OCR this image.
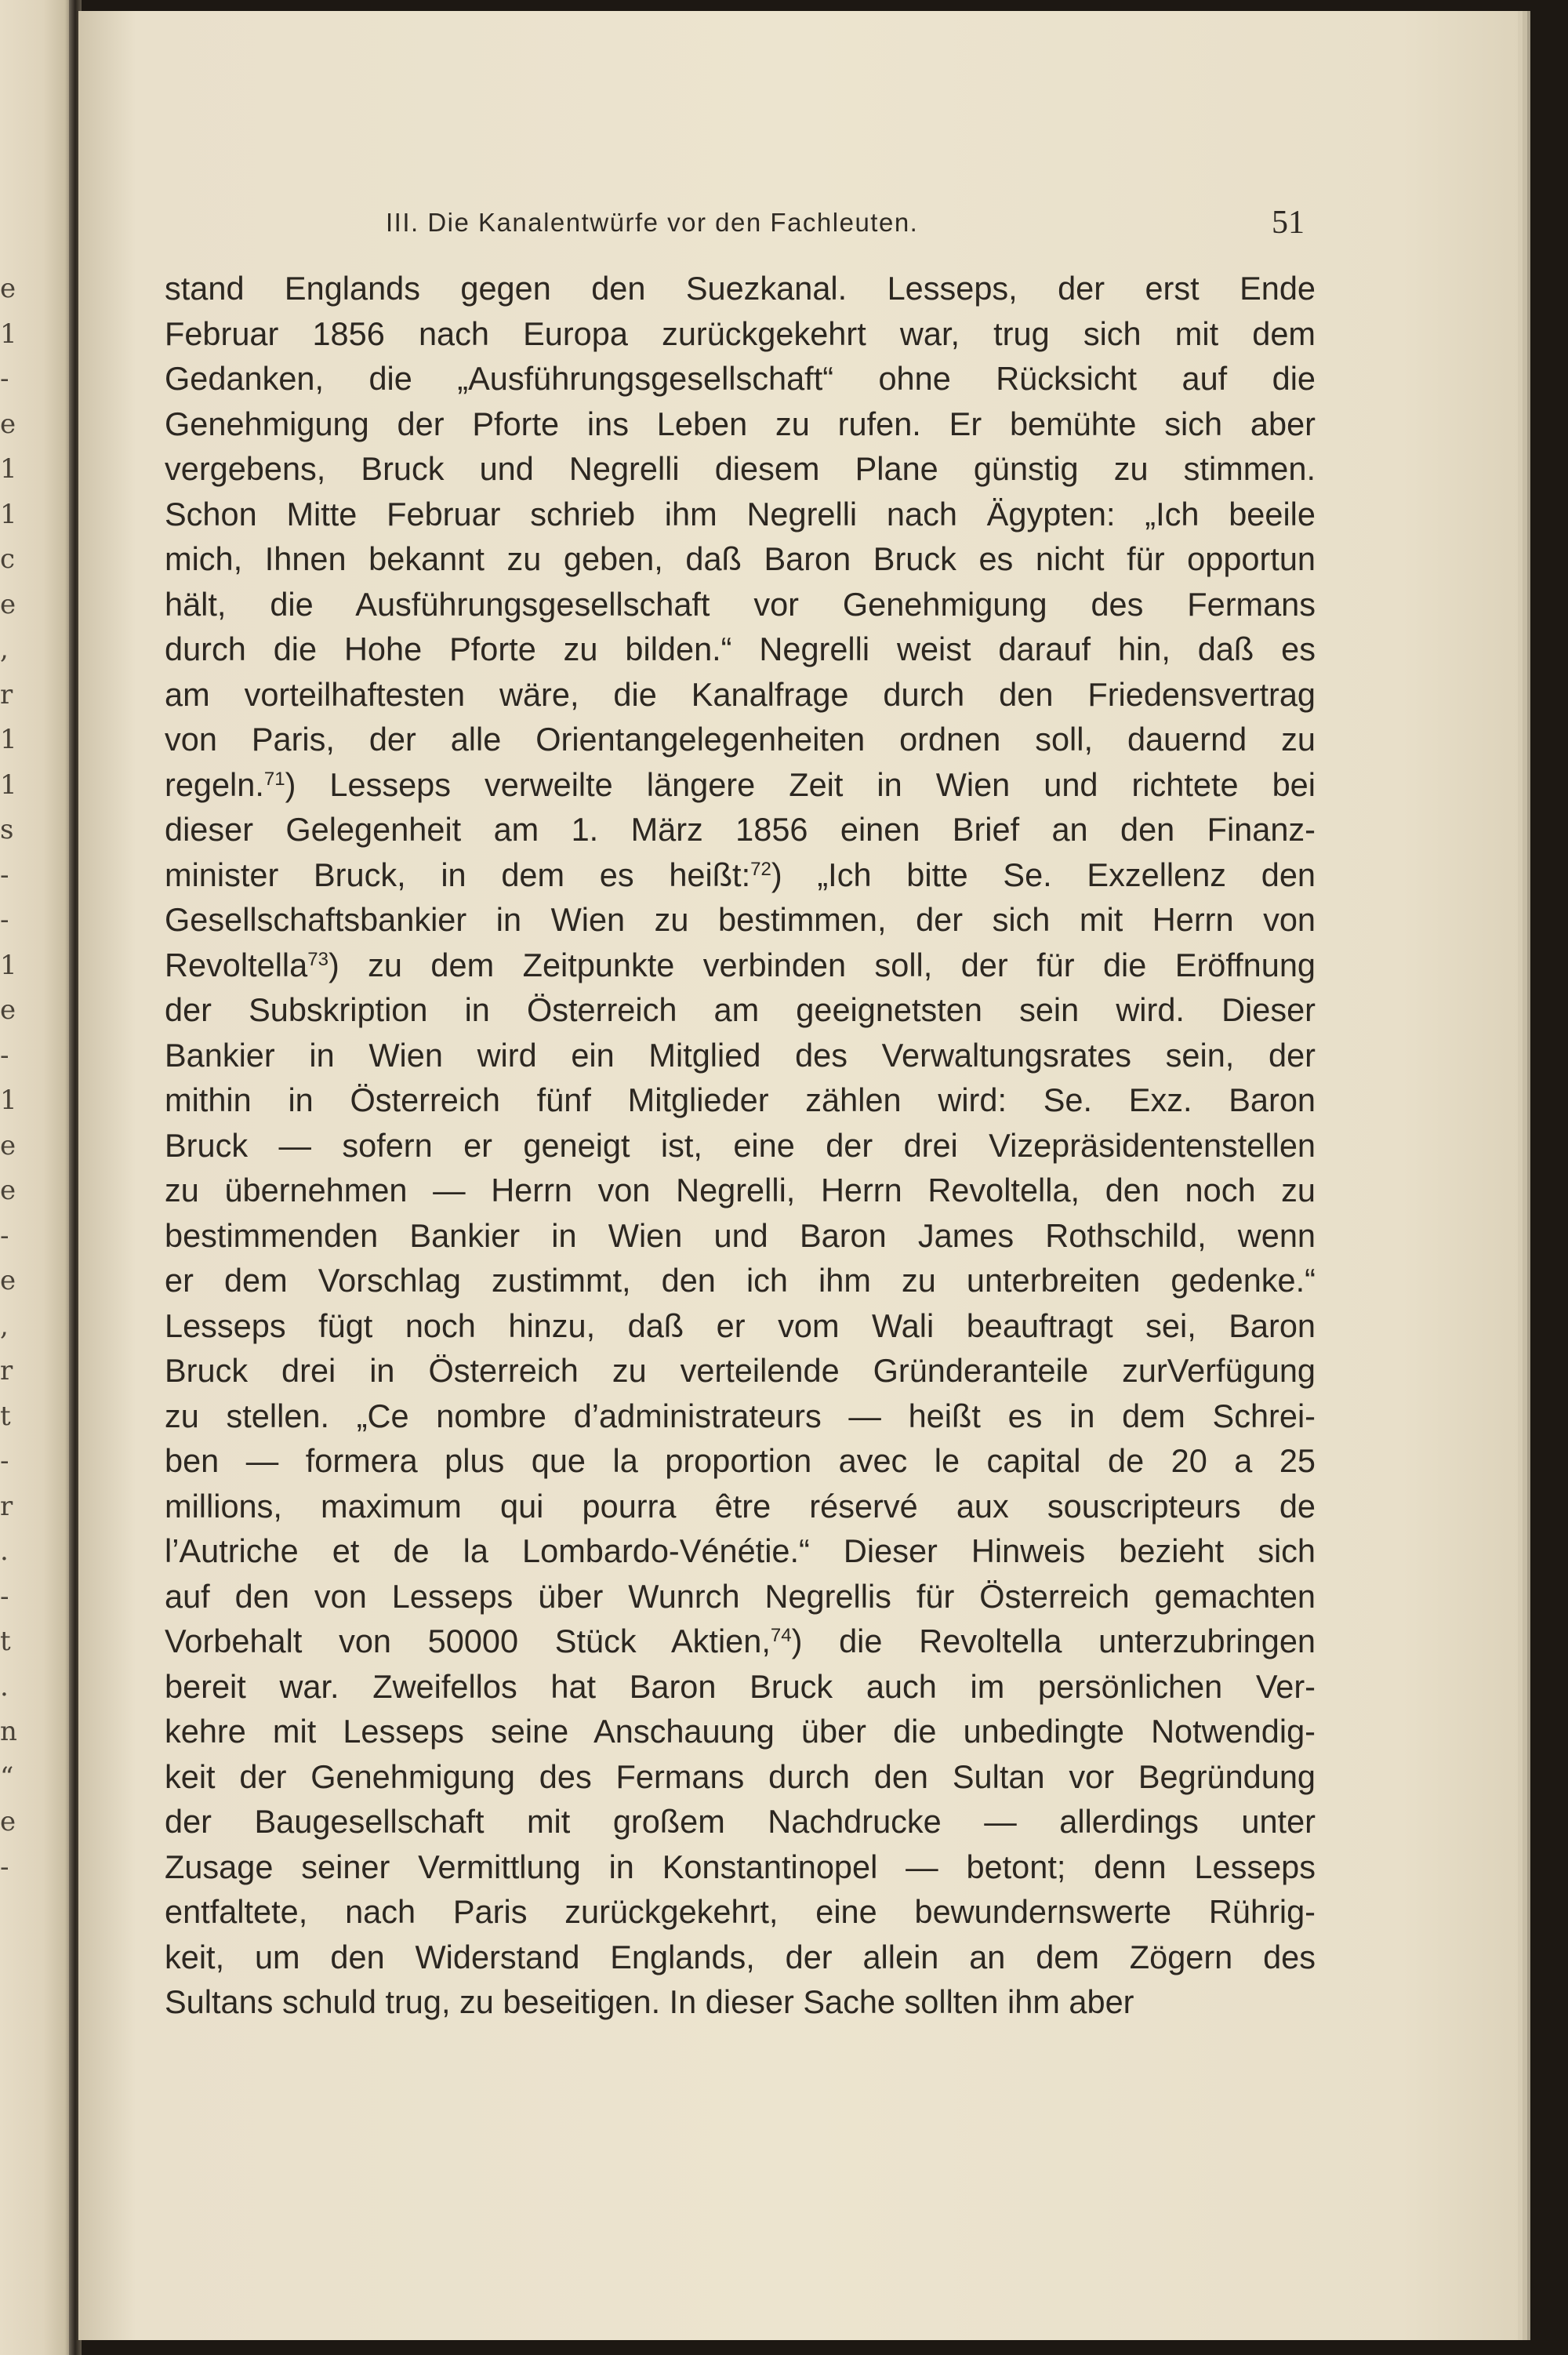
e
1
-
e
1
1
c
e
,
r
1
1
s
-
-
1
e
-
1
e
e
-
e
,
r
t
-
r
.
-
t
.
n
“
e
-
III. Die Kanalentwürfe vor den Fachleuten.	51
stand Englands gegen den Suezkanal. Lesseps, der erst Ende
Februar 1856 nach Europa zurückgekehrt war, trug sich mit dem
Gedanken, die „Ausführungsgesellschaft“ ohne Rücksicht auf die
Genehmigung der Pforte ins Leben zu rufen. Er bemühte sich aber
vergebens, Bruck und Negrelli diesem Plane günstig zu stimmen.
Schon Mitte Februar schrieb ihm Negrelli nach Ägypten: „Ich beeile
mich, Ihnen bekannt zu geben, daß Baron Bruck es nicht für opportun
hält, die Ausführungsgesellschaft vor Genehmigung des Fermans
durch die Hohe Pforte zu bilden.“ Negrelli weist darauf hin, daß es
am vorteilhaftesten wäre, die Kanalfrage durch den Friedensvertrag
von Paris, der alle Orientangelegenheiten ordnen soll, dauernd zu
regeln.$^{71}$) Lesseps verweilte längere Zeit in Wien und richtete bei
dieser Gelegenheit am 1. März 1856 einen Brief an den Finanz-
minister Bruck, in dem es heißt:$^{72}$) „Ich bitte Se. Exzellenz den
Gesellschaftsbankier in Wien zu bestimmen, der sich mit Herrn von
Revoltella$^{73}$) zu dem Zeitpunkte verbinden soll, der für die Eröffnung
der Subskription in Österreich am geeignetsten sein wird. Dieser
Bankier in Wien wird ein Mitglied des Verwaltungsrates sein, der
mithin in Österreich fünf Mitglieder zählen wird: Se. Exz. Baron
Bruck — sofern er geneigt ist, eine der drei Vizepräsidentenstellen
zu übernehmen — Herrn von Negrelli, Herrn Revoltella, den noch zu
bestimmenden Bankier in Wien und Baron James Rothschild, wenn
er dem Vorschlag zustimmt, den ich ihm zu unterbreiten gedenke.“
Lesseps fügt noch hinzu, daß er vom Wali beauftragt sei, Baron
Bruck drei in Österreich zu verteilende Gründeranteile zurVerfügung
zu stellen. „Ce nombre d’administrateurs — heißt es in dem Schrei-
ben — formera plus que la proportion avec le capital de 20 a 25
millions, maximum qui pourra être réservé aux souscripteurs de
l’Autriche et de la Lombardo-Vénétie.“ Dieser Hinweis bezieht sich
auf den von Lesseps über Wunrch Negrellis für Österreich gemachten
Vorbehalt von 50000 Stück Aktien,$^{74}$) die Revoltella unterzubringen
bereit war. Zweifellos hat Baron Bruck auch im persönlichen Ver-
kehre mit Lesseps seine Anschauung über die unbedingte Notwendig-
keit der Genehmigung des Fermans durch den Sultan vor Begründung
der Baugesellschaft mit großem Nachdrucke — allerdings unter
Zusage seiner Vermittlung in Konstantinopel — betont; denn Lesseps
entfaltete, nach Paris zurückgekehrt, eine bewundernswerte Rührig-
keit, um den Widerstand Englands, der allein an dem Zögern des
Sultans schuld trug, zu beseitigen. In dieser Sache sollten ihm aber
